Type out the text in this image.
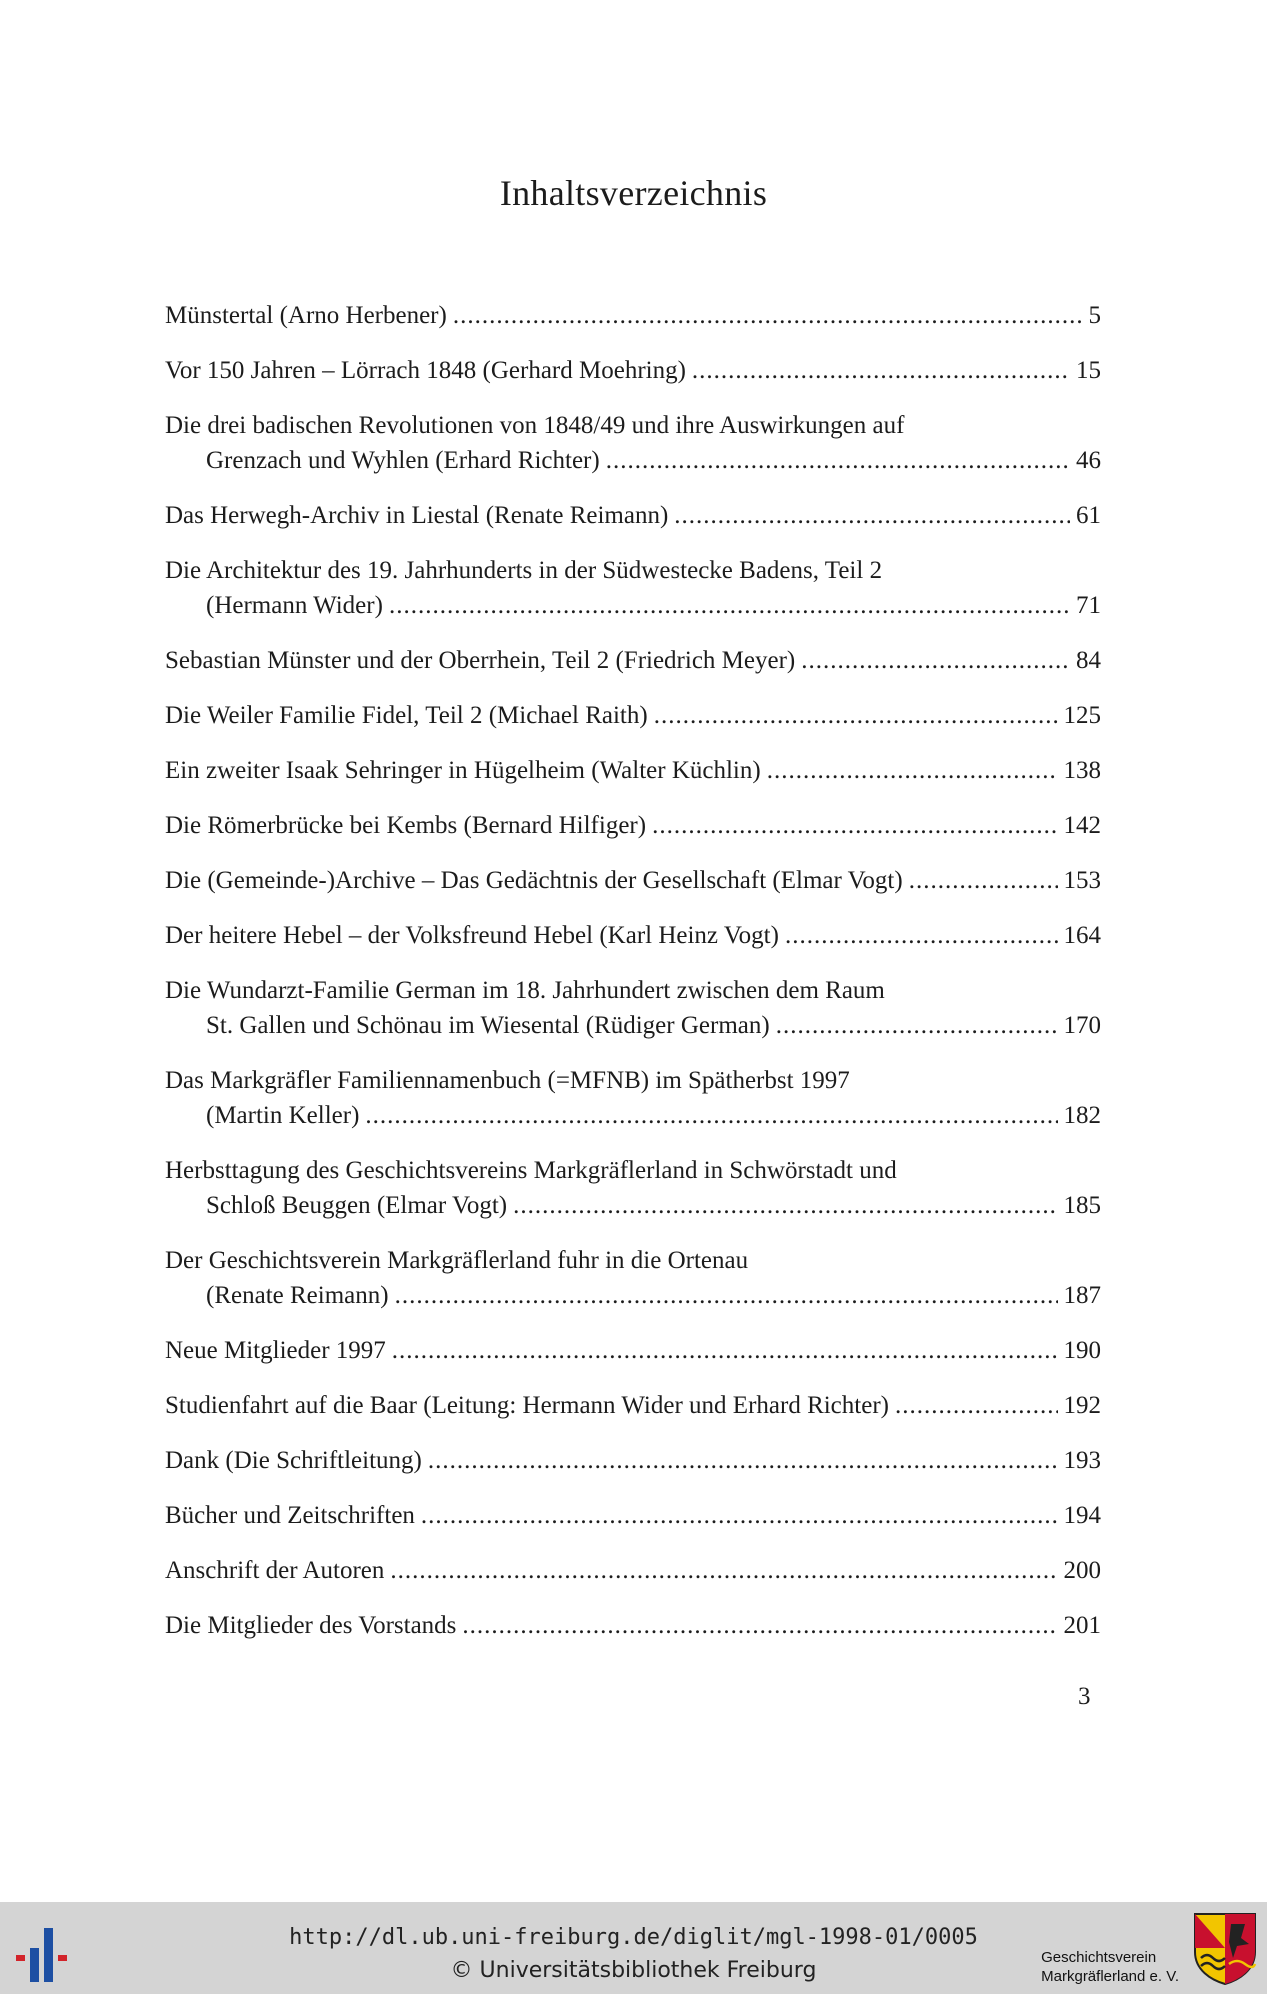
Inhaltsverzeichnis
Münstertal (Arno Herbener) .....	5
Vor 150 Jahren – Lörrach 1848 (Gerhard Moehring) .....	15
Die drei badischen Revolutionen von 1848/49 und ihre Auswirkungen auf
Grenzach und Wyhlen (Erhard Richter) .....	46
Das Herwegh-Archiv in Liestal (Renate Reimann) .....	61
Die Architektur des 19. Jahrhunderts in der Südwestecke Badens, Teil 2
(Hermann Wider) .....	71
Sebastian Münster und der Oberrhein, Teil 2 (Friedrich Meyer) .....	84
Die Weiler Familie Fidel, Teil 2 (Michael Raith) .....	125
Ein zweiter Isaak Sehringer in Hügelheim (Walter Küchlin) .....	138
Die Römerbrücke bei Kembs (Bernard Hilfiger) .....	142
Die (Gemeinde-)Archive – Das Gedächtnis der Gesellschaft (Elmar Vogt) .....	153
Der heitere Hebel – der Volksfreund Hebel (Karl Heinz Vogt) .....	164
Die Wundarzt-Familie German im 18. Jahrhundert zwischen dem Raum
St. Gallen und Schönau im Wiesental (Rüdiger German) .....	170
Das Markgräfler Familiennamenbuch (=MFNB) im Spätherbst 1997
(Martin Keller) .....	182
Herbsttagung des Geschichtsvereins Markgräflerland in Schwörstadt und
Schloß Beuggen (Elmar Vogt) .....	185
Der Geschichtsverein Markgräflerland fuhr in die Ortenau
(Renate Reimann) .....	187
Neue Mitglieder 1997 .....	190
Studienfahrt auf die Baar (Leitung: Hermann Wider und Erhard Richter) .....	192
Dank (Die Schriftleitung) .....	193
Bücher und Zeitschriften .....	194
Anschrift der Autoren .....	200
Die Mitglieder des Vorstands .....	201
3
http://dl.ub.uni-freiburg.de/diglit/mgl-1998-01/0005
© Universitätsbibliothek Freiburg
Geschichtsverein
Markgräflerland e. V.
